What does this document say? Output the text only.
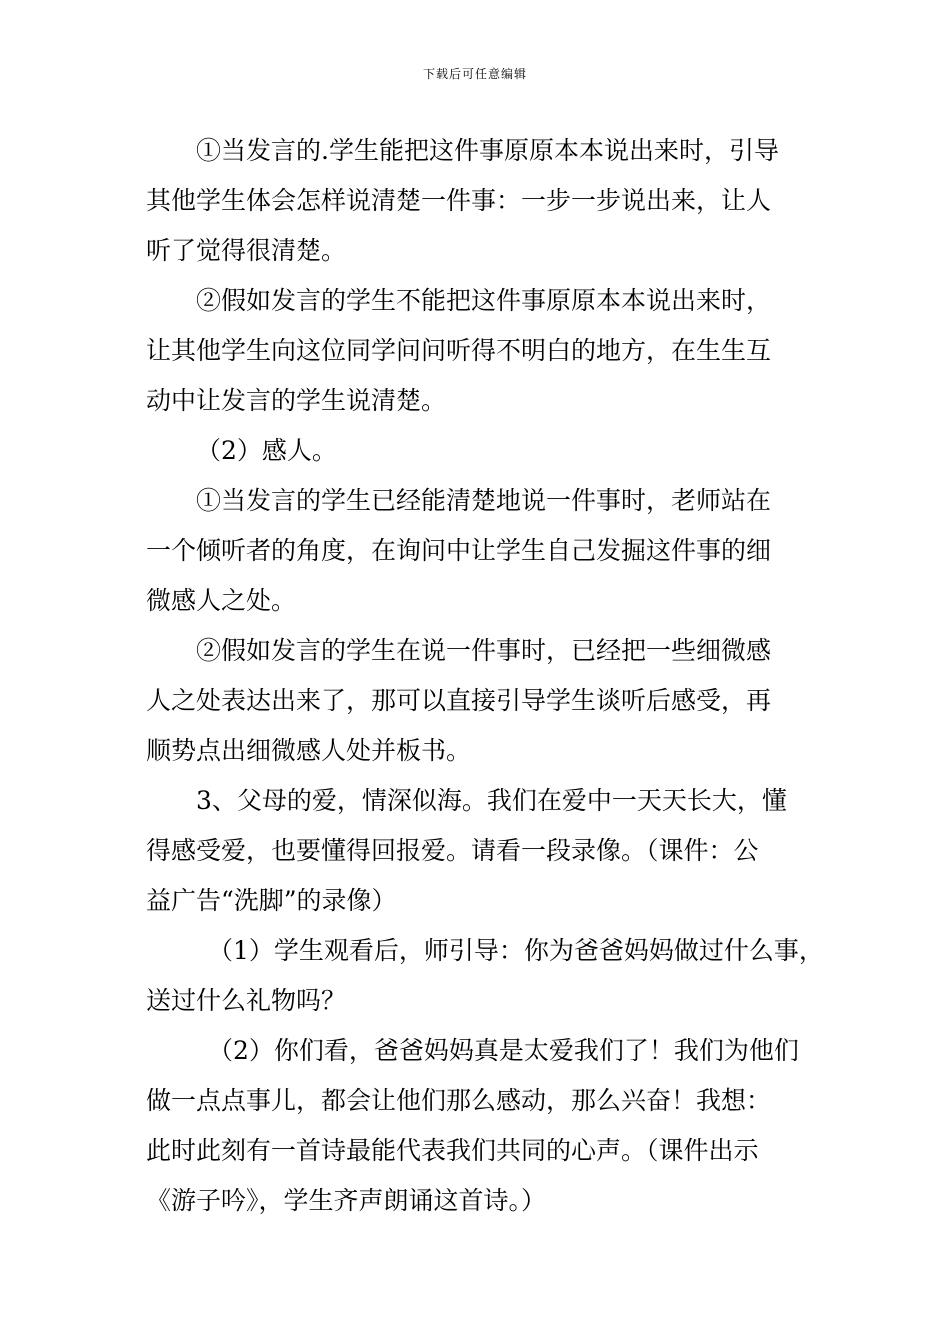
下载后可任意编辑

①当发言的.学生能把这件事原原本本说出来时，引导
其他学生体会怎样说清楚一件事：一步一步说出来，让人
听了觉得很清楚。

②假如发言的学生不能把这件事原原本本说出来时，
让其他学生向这位同学问问听得不明白的地方，在生生互
动中让发言的学生说清楚。

（2）感人。

①当发言的学生已经能清楚地说一件事时，老师站在
一个倾听者的角度，在询问中让学生自己发掘这件事的细
微感人之处。

②假如发言的学生在说一件事时，已经把一些细微感
人之处表达出来了，那可以直接引导学生谈听后感受，再
顺势点出细微感人处并板书。

3、父母的爱，情深似海。我们在爱中一天天长大，懂
得感受爱，也要懂得回报爱。请看一段录像。（课件：公
益广告“洗脚”的录像）

（1）学生观看后，师引导：你为爸爸妈妈做过什么事，
送过什么礼物吗？

（2）你们看，爸爸妈妈真是太爱我们了！我们为他们
做一点点事儿，都会让他们那么感动，那么兴奋！我想：
此时此刻有一首诗最能代表我们共同的心声。（课件出示
《游子吟》，学生齐声朗诵这首诗。）
